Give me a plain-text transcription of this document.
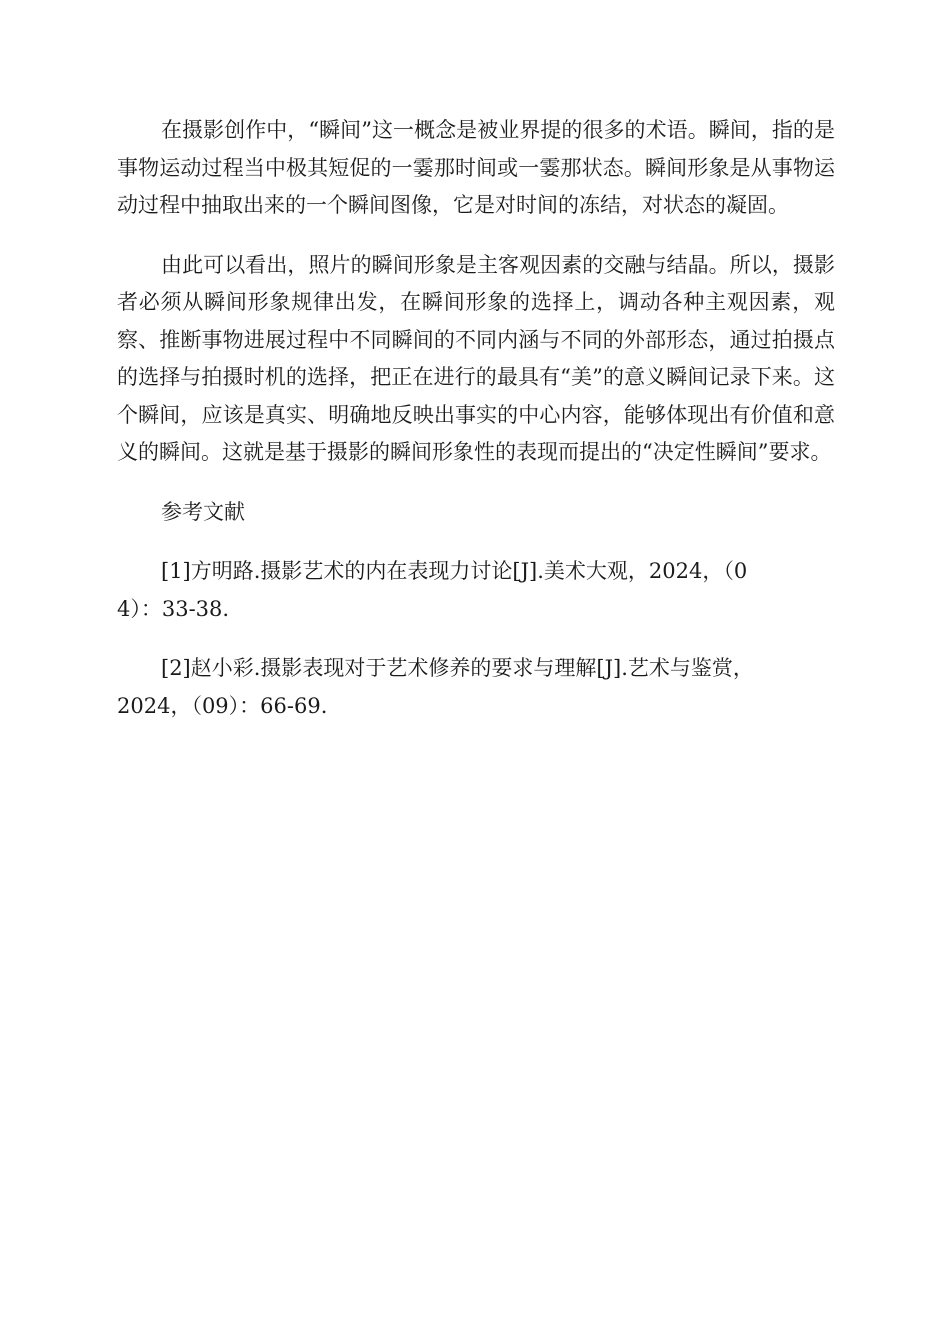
在摄影创作中，“瞬间”这一概念是被业界提的很多的术语。瞬间，指的是事物运动过程当中极其短促的一霎那时间或一霎那状态。瞬间形象是从事物运动过程中抽取出来的一个瞬间图像，它是对时间的冻结，对状态的凝固。

由此可以看出，照片的瞬间形象是主客观因素的交融与结晶。所以，摄影者必须从瞬间形象规律出发，在瞬间形象的选择上，调动各种主观因素，观察、推断事物进展过程中不同瞬间的不同内涵与不同的外部形态，通过拍摄点的选择与拍摄时机的选择，把正在进行的最具有“美”的意义瞬间记录下来。这个瞬间，应该是真实、明确地反映出事实的中心内容，能够体现出有价值和意义的瞬间。这就是基于摄影的瞬间形象性的表现而提出的“决定性瞬间”要求。

参考文献

[1]方明路.摄影艺术的内在表现力讨论[J].美术大观，2024，（04）：33-38.

[2]赵小彩.摄影表现对于艺术修养的要求与理解[J].艺术与鉴赏，2024，（09）：66-69.
